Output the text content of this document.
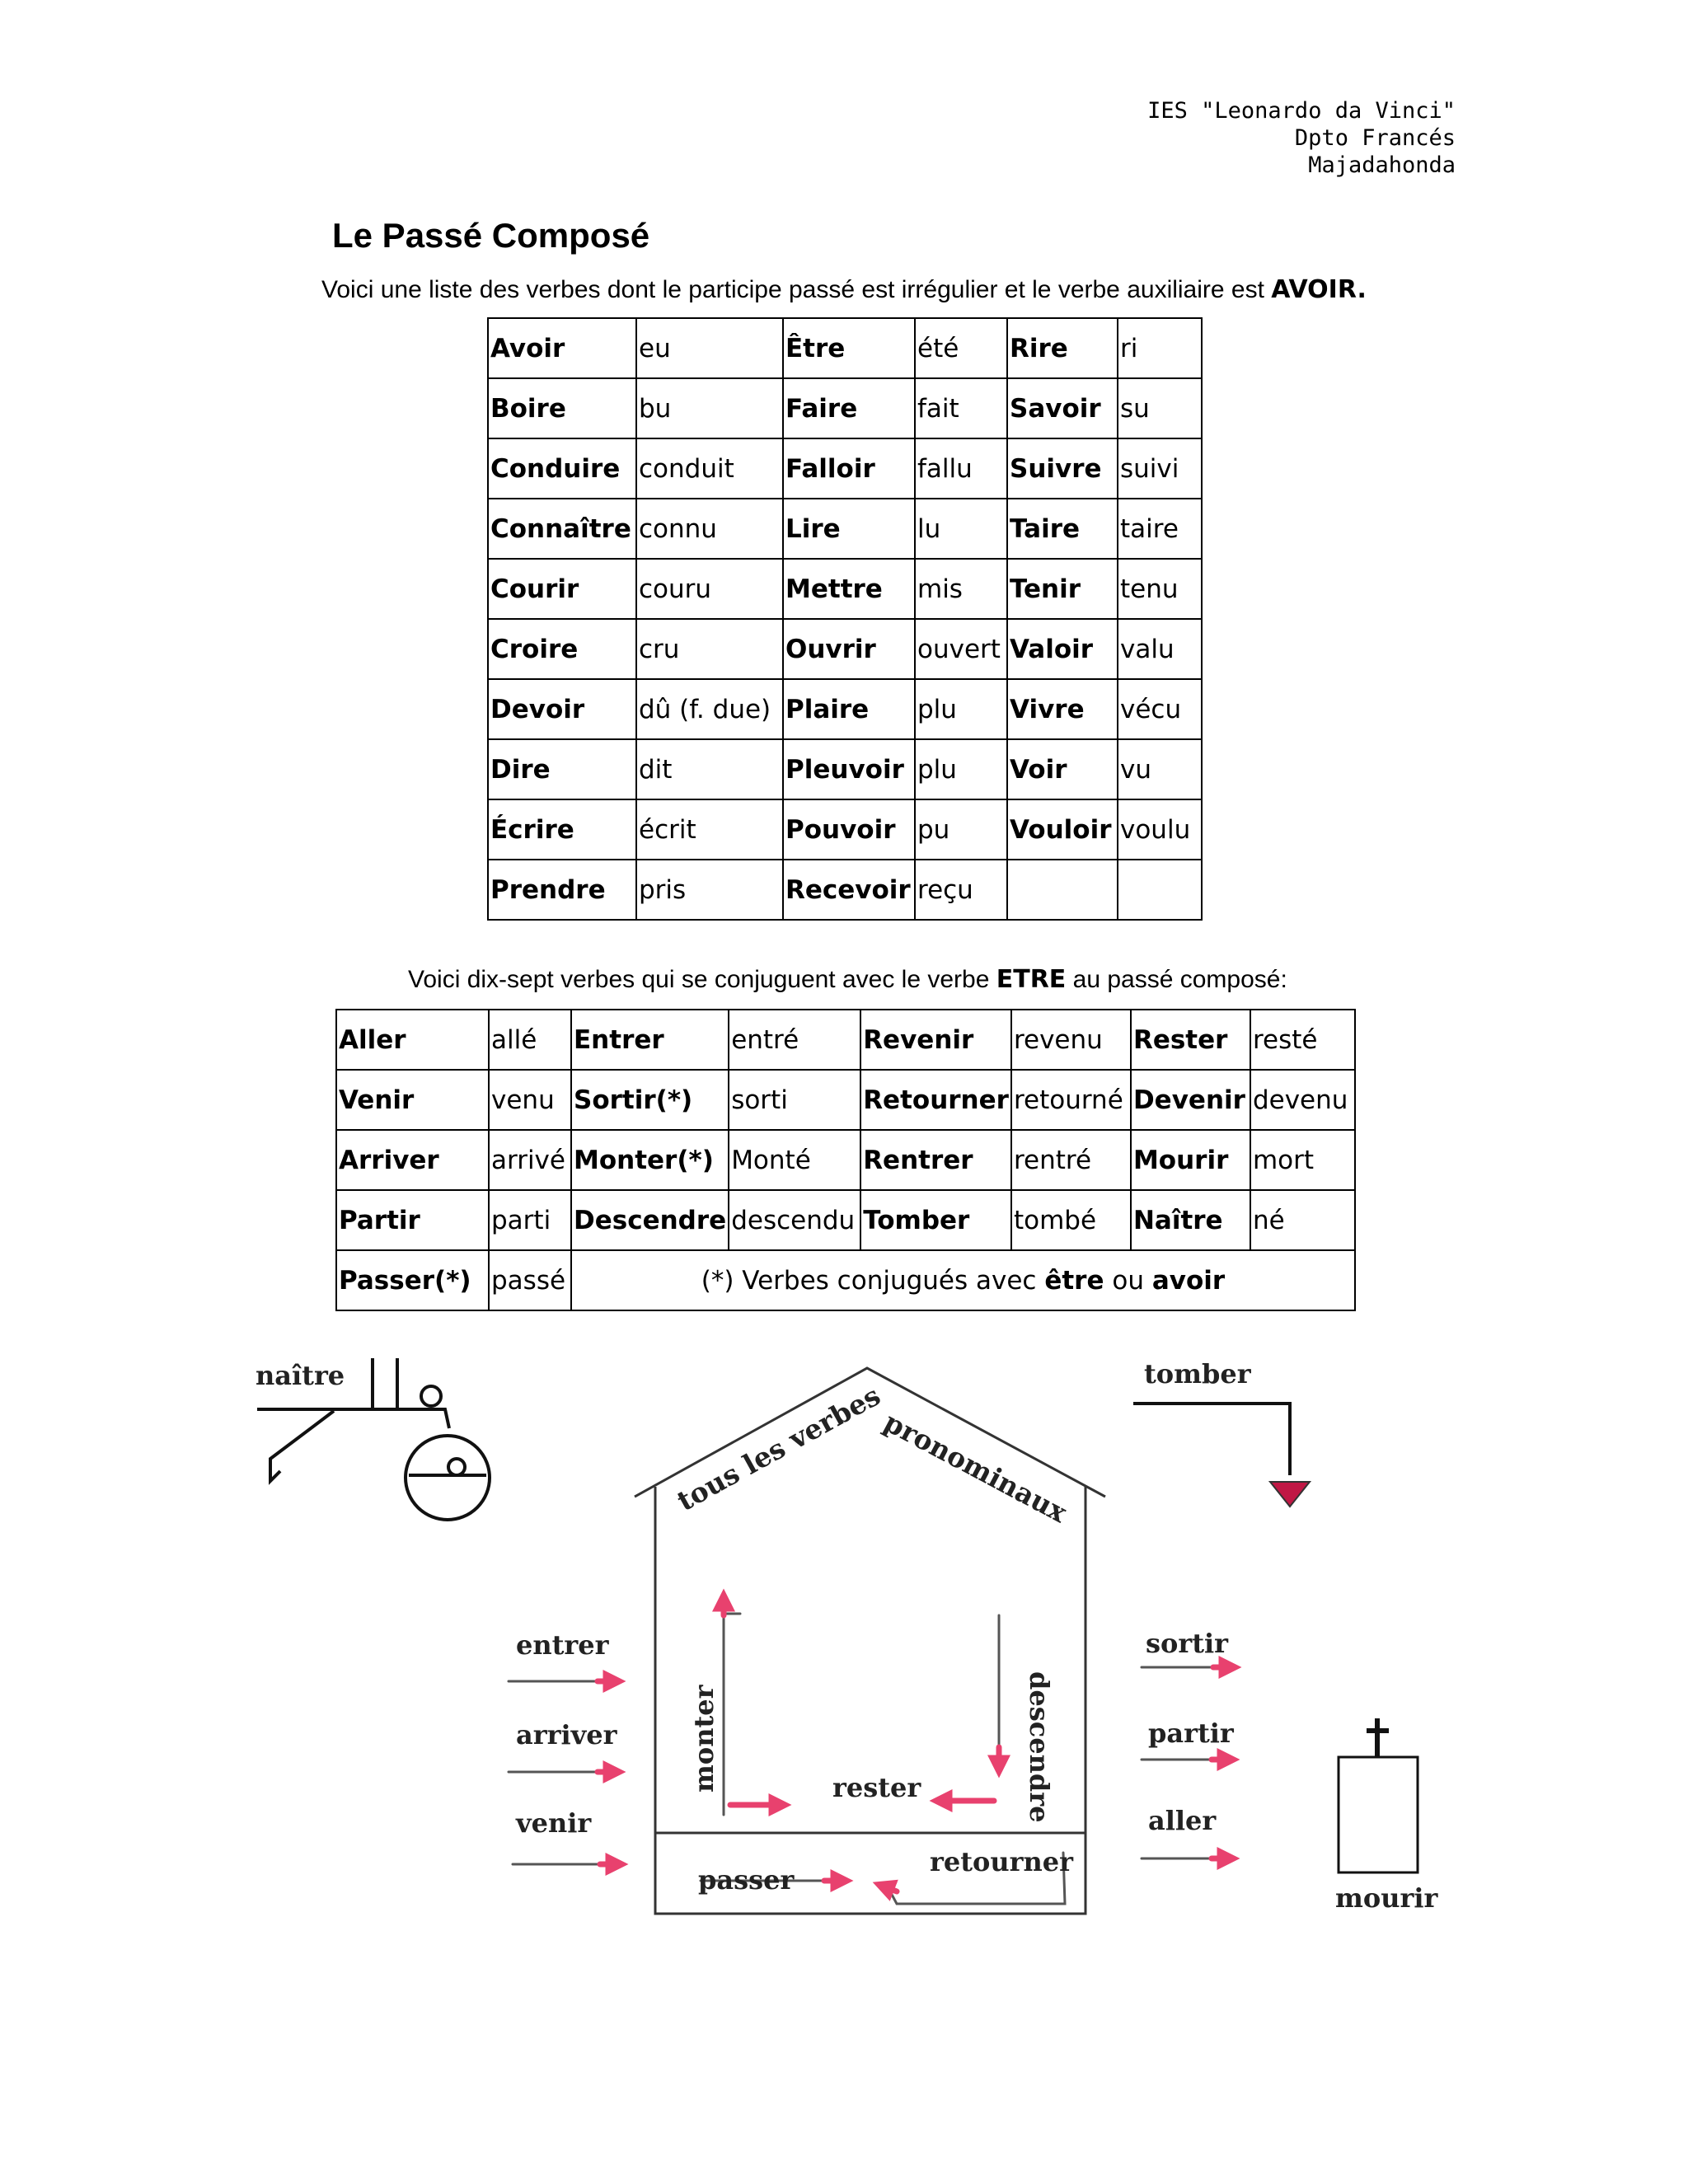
IES "Leonardo da Vinci"
Dpto Francés
Majadahonda
Le Passé Composé
Voici une liste des verbes dont le participe passé est irrégulier et le verbe auxiliaire est AVOIR.
Avoir	eu	Être	été	Rire	ri
Boire	bu	Faire	fait	Savoir	su
Conduire	conduit	Falloir	fallu	Suivre	suivi
Connaître	connu	Lire	lu	Taire	taire
Courir	couru	Mettre	mis	Tenir	tenu
Croire	cru	Ouvrir	ouvert	Valoir	valu
Devoir	dû (f. due)	Plaire	plu	Vivre	vécu
Dire	dit	Pleuvoir	plu	Voir	vu
Écrire	écrit	Pouvoir	pu	Vouloir	voulu
Prendre	pris	Recevoir	reçu		
Voici dix-sept verbes qui se conjuguent avec le verbe ETRE au passé composé:
Aller	allé	Entrer	entré	Revenir	revenu	Rester	resté
Venir	venu	Sortir(*)	sorti	Retourner	retourné	Devenir	devenu
Arriver	arrivé	Monter(*)	Monté	Rentrer	rentré	Mourir	mort
Partir	parti	Descendre	descendu	Tomber	tombé	Naître	né
Passer(*)	passé	(*) Verbes conjugués avec être ou avoir					
naître	tomber
tous les verbes
pronominaux
monter	rester	descendre
passer
retourner
entrer
arriver
venir
sortir
partir
aller
mourir
